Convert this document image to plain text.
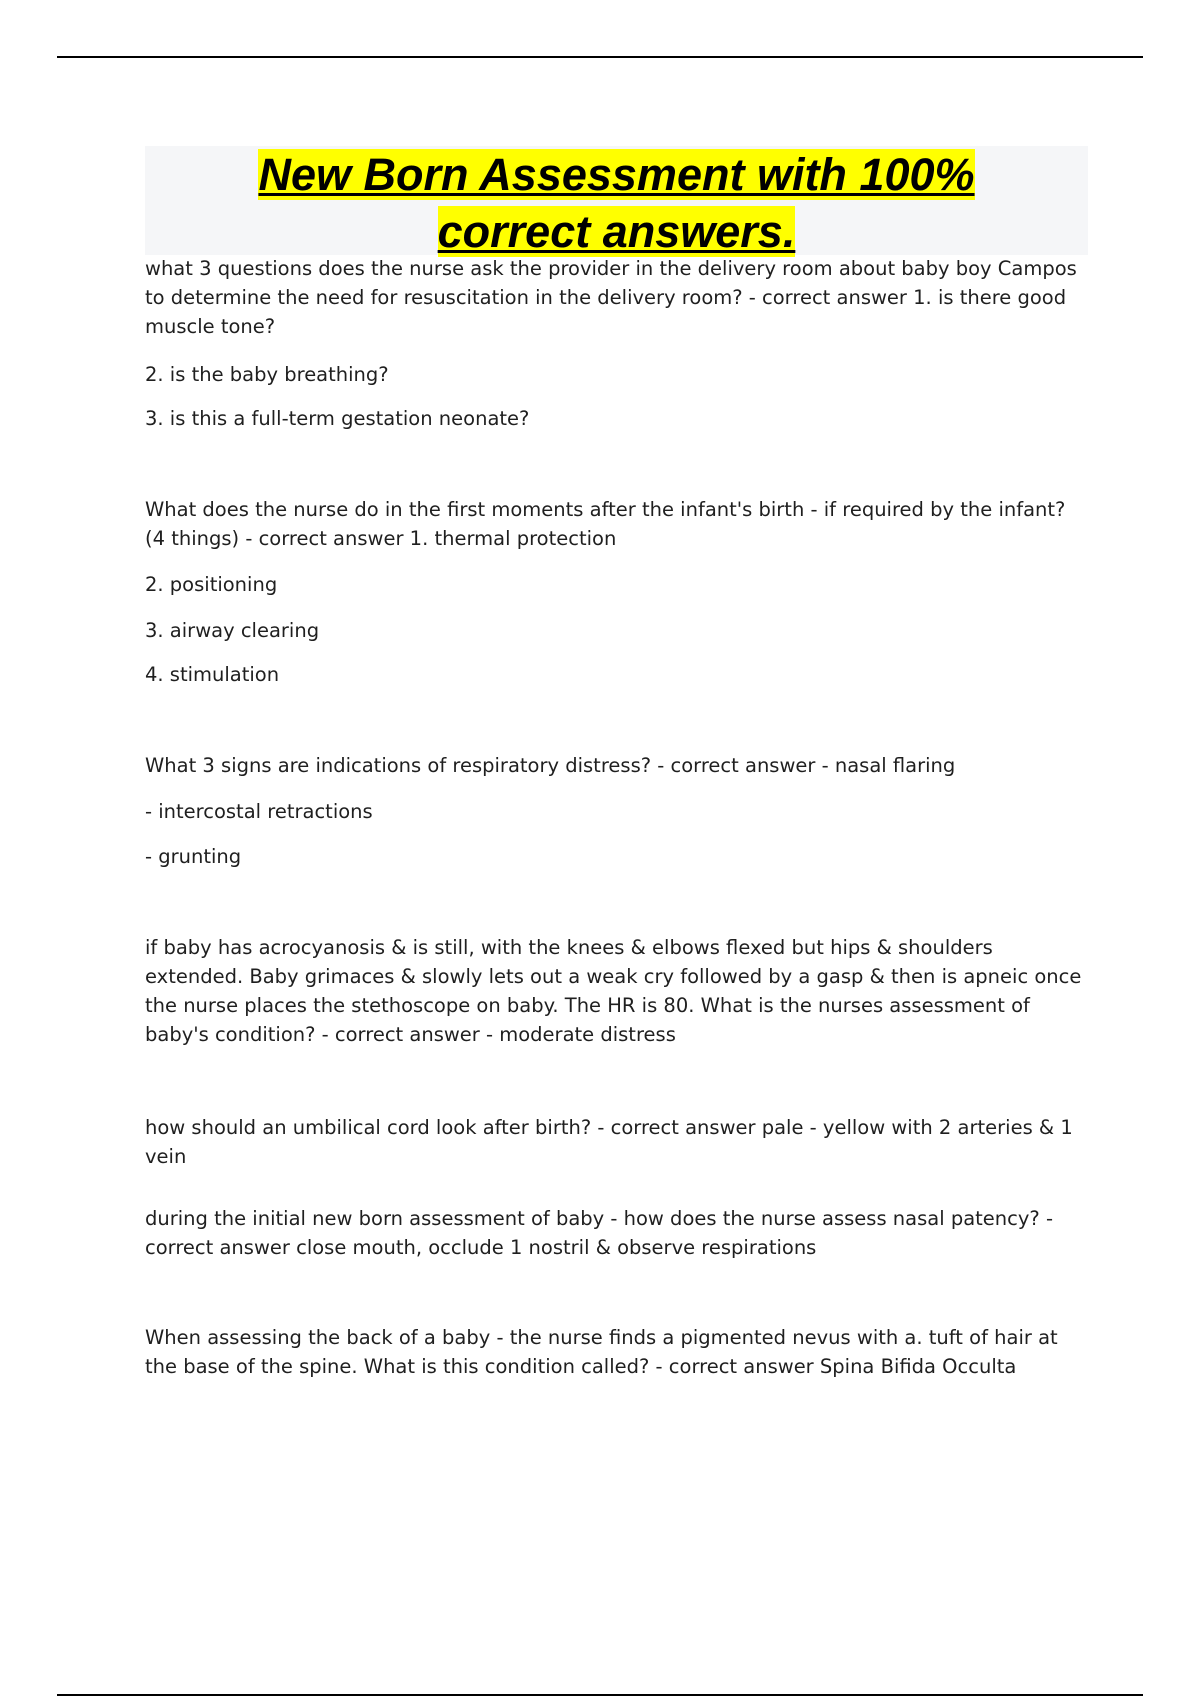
New Born Assessment with 100%
correct answers.

what 3 questions does the nurse ask the provider in the delivery room about baby boy Campos to determine the need for resuscitation in the delivery room? - correct answer 1. is there good muscle tone?

2. is the baby breathing?

3. is this a full-term gestation neonate?

What does the nurse do in the first moments after the infant's birth - if required by the infant? (4 things) - correct answer 1. thermal protection

2. positioning

3. airway clearing

4. stimulation

What 3 signs are indications of respiratory distress? - correct answer - nasal flaring

- intercostal retractions

- grunting

if baby has acrocyanosis & is still, with the knees & elbows flexed but hips & shoulders extended. Baby grimaces & slowly lets out a weak cry followed by a gasp & then is apneic once the nurse places the stethoscope on baby. The HR is 80. What is the nurses assessment of baby's condition? - correct answer - moderate distress

how should an umbilical cord look after birth? - correct answer pale - yellow with 2 arteries & 1 vein

during the initial new born assessment of baby - how does the nurse assess nasal patency? - correct answer close mouth, occlude 1 nostril & observe respirations

When assessing the back of a baby - the nurse finds a pigmented nevus with a. tuft of hair at the base of the spine. What is this condition called? - correct answer Spina Bifida Occulta
